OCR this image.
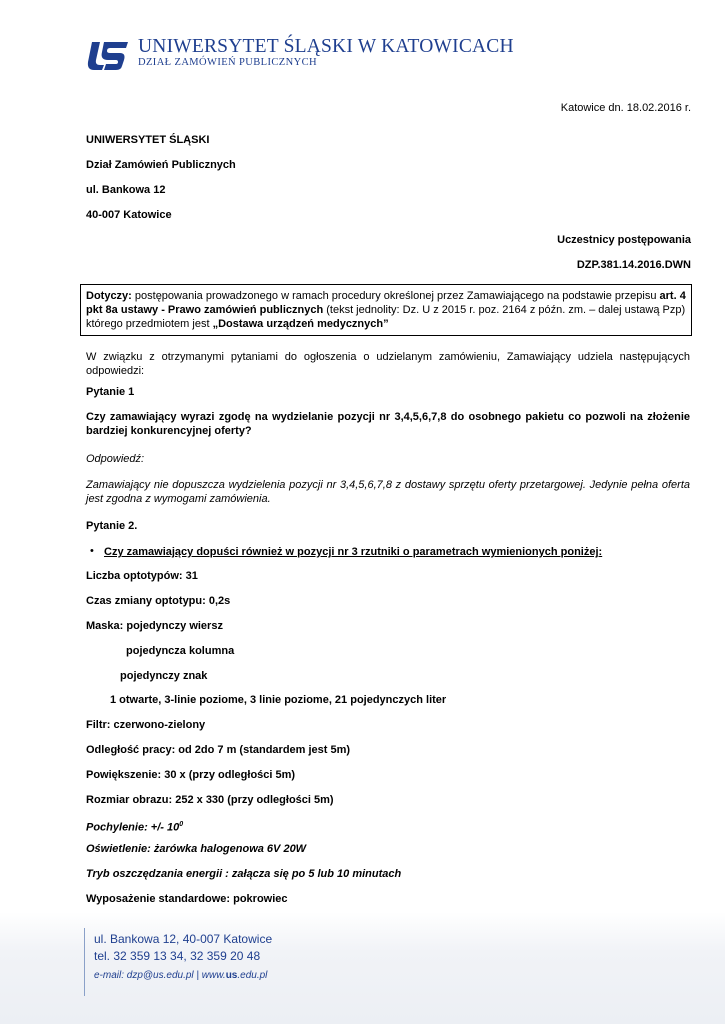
UNIWERSYTET ŚLĄSKI W KATOWICACH
DZIAŁ ZAMÓWIEŃ PUBLICZNYCH
Katowice dn. 18.02.2016 r.
UNIWERSYTET ŚLĄSKI
Dział Zamówień Publicznych
ul. Bankowa 12
40-007 Katowice
Uczestnicy postępowania
DZP.381.14.2016.DWN
Dotyczy: postępowania prowadzonego w ramach procedury określonej przez Zamawiającego na podstawie przepisu art. 4
pkt 8a ustawy - Prawo zamówień publicznych (tekst jednolity: Dz. U z 2015 r. poz. 2164 z późn. zm. – dalej ustawą Pzp)
którego przedmiotem jest „Dostawa urządzeń medycznych”
W związku z otrzymanymi pytaniami do ogłoszenia o udzielanym zamówieniu, Zamawiający udziela następujących odpowiedzi:
Pytanie 1
Czy zamawiający wyrazi zgodę na wydzielanie pozycji nr 3,4,5,6,7,8 do osobnego pakietu co pozwoli na złożenie bardziej konkurencyjnej oferty?
Odpowiedź:
Zamawiający nie dopuszcza wydzielenia pozycji nr 3,4,5,6,7,8 z dostawy sprzętu oferty przetargowej. Jedynie pełna oferta jest zgodna z wymogami zamówienia.
Pytanie 2.
• Czy zamawiający dopuści również w pozycji nr 3 rzutniki o parametrach wymienionych poniżej:
Liczba optotypów: 31
Czas zmiany optotypu: 0,2s
Maska: pojedynczy wiersz
pojedyncza kolumna
pojedynczy znak
1 otwarte, 3-linie poziome, 3 linie poziome, 21 pojedynczych liter
Filtr: czerwono-zielony
Odległość pracy: od 2do 7 m (standardem jest 5m)
Powiększenie: 30 x (przy odległości 5m)
Rozmiar obrazu: 252 x 330 (przy odległości 5m)
Pochylenie: +/- $10^0$
Oświetlenie: żarówka halogenowa 6V 20W
Tryb oszczędzania energii : załącza się po 5 lub 10 minutach
Wyposażenie standardowe: pokrowiec
ul. Bankowa 12, 40-007 Katowice
tel. 32 359 13 34, 32 359 20 48
e-mail: dzp@us.edu.pl | www.us.edu.pl
